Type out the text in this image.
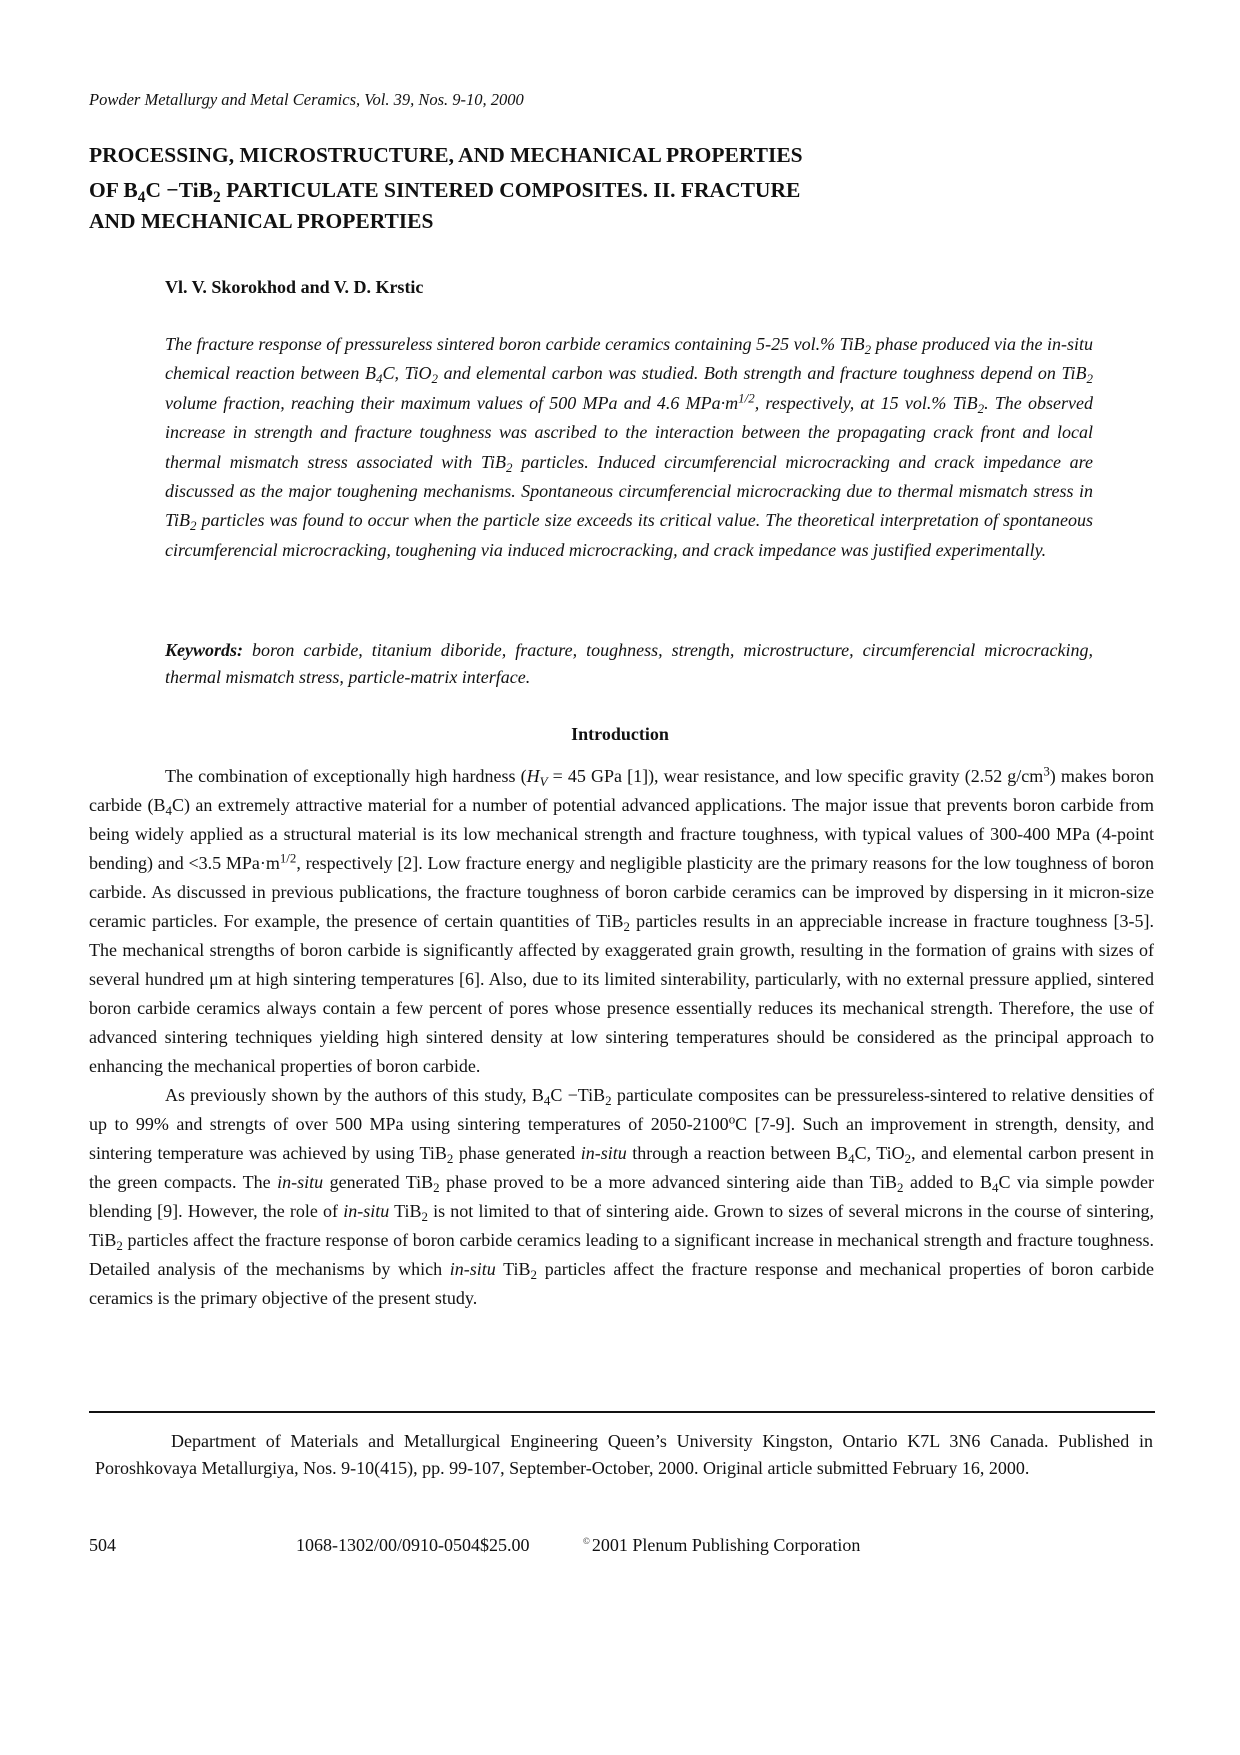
Powder Metallurgy and Metal Ceramics, Vol. 39, Nos. 9-10, 2000
PROCESSING, MICROSTRUCTURE, AND MECHANICAL PROPERTIES
OF $B_4C -TiB_2$ PARTICULATE SINTERED COMPOSITES. II. FRACTURE
AND MECHANICAL PROPERTIES
Vl. V. Skorokhod and V. D. Krstic
The fracture response of pressureless sintered boron carbide ceramics containing 5-25 vol.% TiB$_2$ phase produced via the in-situ chemical reaction between $B_4C$, TiO$_2$ and elemental carbon was studied. Both strength and fracture toughness depend on TiB$_2$ volume fraction, reaching their maximum values of 500 MPa and 4.6 $MPa\cdot m^{1/2}$, respectively, at 15 vol.% TiB$_2$. The observed increase in strength and fracture toughness was ascribed to the interaction between the propagating crack front and local thermal mismatch stress associated with TiB$_2$ particles. Induced circumferencial microcracking and crack impedance are discussed as the major toughening mechanisms. Spontaneous circumferencial microcracking due to thermal mismatch stress in TiB$_2$ particles was found to occur when the particle size exceeds its critical value. The theoretical interpretation of spontaneous circumferencial microcracking, toughening via induced microcracking, and crack impedance was justified experimentally.
Keywords: boron carbide, titanium diboride, fracture, toughness, strength, microstructure, circumferencial microcracking, thermal mismatch stress, particle-matrix interface.
Introduction

The combination of exceptionally high hardness ($H_V = 45$ GPa [1]), wear resistance, and low specific gravity (2.52 $g/cm^3$) makes boron carbide $(B_4C)$ an extremely attractive material for a number of potential advanced applications. The major issue that prevents boron carbide from being widely applied as a structural material is its low mechanical strength and fracture toughness, with typical values of 300-400 MPa (4-point bending) and <3.5 $MPa\cdot m^{1/2}$, respectively [2]. Low fracture energy and negligible plasticity are the primary reasons for the low toughness of boron carbide. As discussed in previous publications, the fracture toughness of boron carbide ceramics can be improved by dispersing in it micron-size ceramic particles. For example, the presence of certain quantities of TiB$_2$ particles results in an appreciable increase in fracture toughness [3-5]. The mechanical strengths of boron carbide is significantly affected by exaggerated grain growth, resulting in the formation of grains with sizes of several hundred μm at high sintering temperatures [6]. Also, due to its limited sinterability, particularly, with no external pressure applied, sintered boron carbide ceramics always contain a few percent of pores whose presence essentially reduces its mechanical strength. Therefore, the use of advanced sintering techniques yielding high sintered density at low sintering temperatures should be considered as the principal approach to enhancing the mechanical properties of boron carbide.

As previously shown by the authors of this study, $B_4C -TiB_2$ particulate composites can be pressureless-sintered to relative densities of up to 99% and strengts of over 500 MPa using sintering temperatures of 2050-2100$^o$C [7-9]. Such an improvement in strength, density, and sintering temperature was achieved by using TiB$_2$ phase generated in-situ through a reaction between $B_4C$, TiO$_2$, and elemental carbon present in the green compacts. The in-situ generated TiB$_2$ phase proved to be a more advanced sintering aide than TiB$_2$ added to $B_4C$ via simple powder blending [9]. However, the role of in-situ TiB$_2$ is not limited to that of sintering aide. Grown to sizes of several microns in the course of sintering, TiB$_2$ particles affect the fracture response of boron carbide ceramics leading to a significant increase in mechanical strength and fracture toughness. Detailed analysis of the mechanisms by which in-situ TiB$_2$ particles affect the fracture response and mechanical properties of boron carbide ceramics is the primary objective of the present study.

Department of Materials and Metallurgical Engineering Queen’s University Kingston, Ontario K7L 3N6 Canada. Published in Poroshkovaya Metallurgiya, Nos. 9-10(415), pp. 99-107, September-October, 2000. Original article submitted February 16, 2000.
504	1068-1302/00/0910-0504$25.00	© 2001 Plenum Publishing Corporation
